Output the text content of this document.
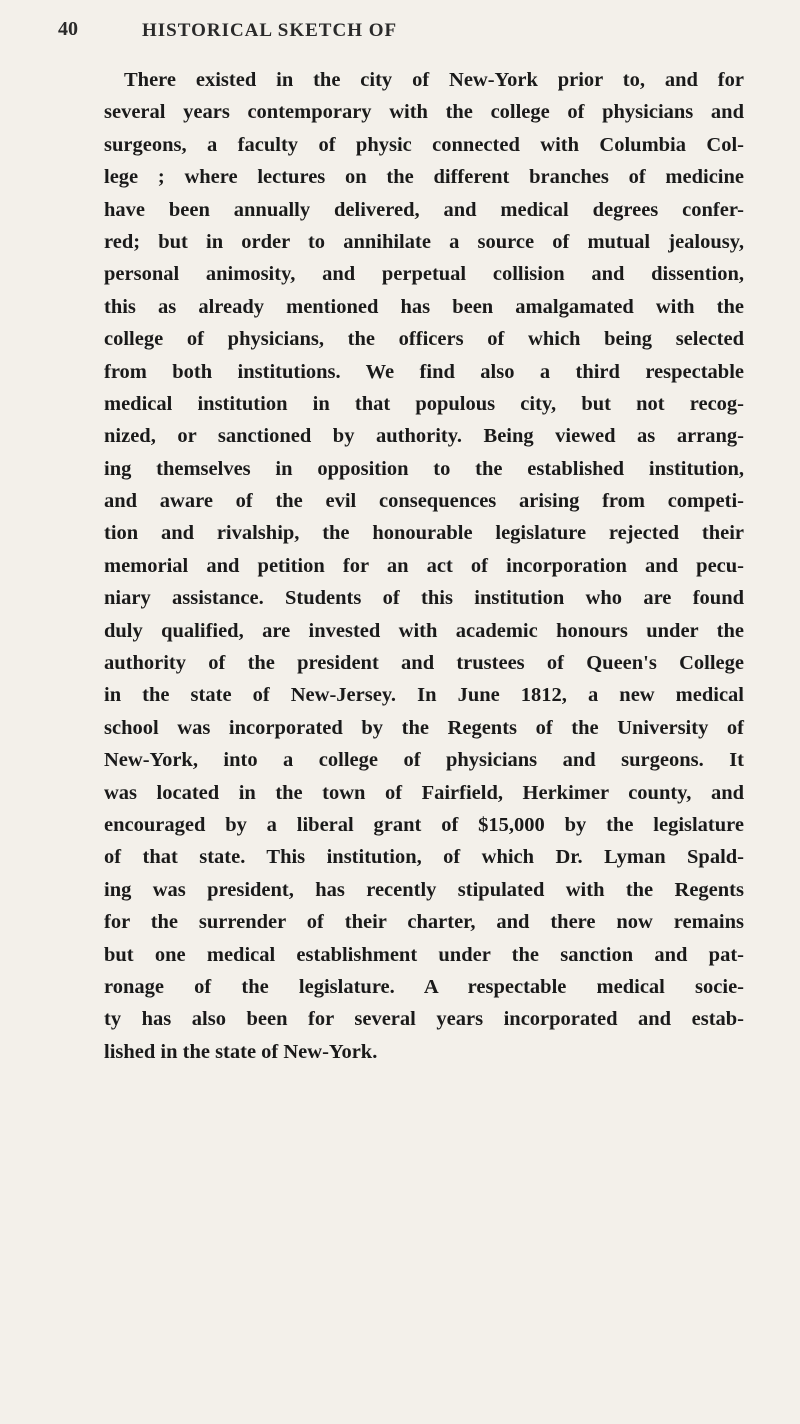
40	HISTORICAL SKETCH OF
There existed in the city of New-York prior to, and for
several years contemporary with the college of physicians and
surgeons, a faculty of physic connected with Columbia Col-
lege ; where lectures on the different branches of medicine
have been annually delivered, and medical degrees confer-
red; but in order to annihilate a source of mutual jealousy,
personal animosity, and perpetual collision and dissention,
this as already mentioned has been amalgamated with the
college of physicians, the officers of which being selected
from both institutions. We find also a third respectable
medical institution in that populous city, but not recog-
nized, or sanctioned by authority. Being viewed as arrang-
ing themselves in opposition to the established institution,
and aware of the evil consequences arising from competi-
tion and rivalship, the honourable legislature rejected their
memorial and petition for an act of incorporation and pecu-
niary assistance. Students of this institution who are found
duly qualified, are invested with academic honours under the
authority of the president and trustees of Queen's College
in the state of New-Jersey. In June 1812, a new medical
school was incorporated by the Regents of the University of
New-York, into a college of physicians and surgeons. It
was located in the town of Fairfield, Herkimer county, and
encouraged by a liberal grant of $15,000 by the legislature
of that state. This institution, of which Dr. Lyman Spald-
ing was president, has recently stipulated with the Regents
for the surrender of their charter, and there now remains
but one medical establishment under the sanction and pat-
ronage of the legislature. A respectable medical socie-
ty has also been for several years incorporated and estab-
lished in the state of New-York.
